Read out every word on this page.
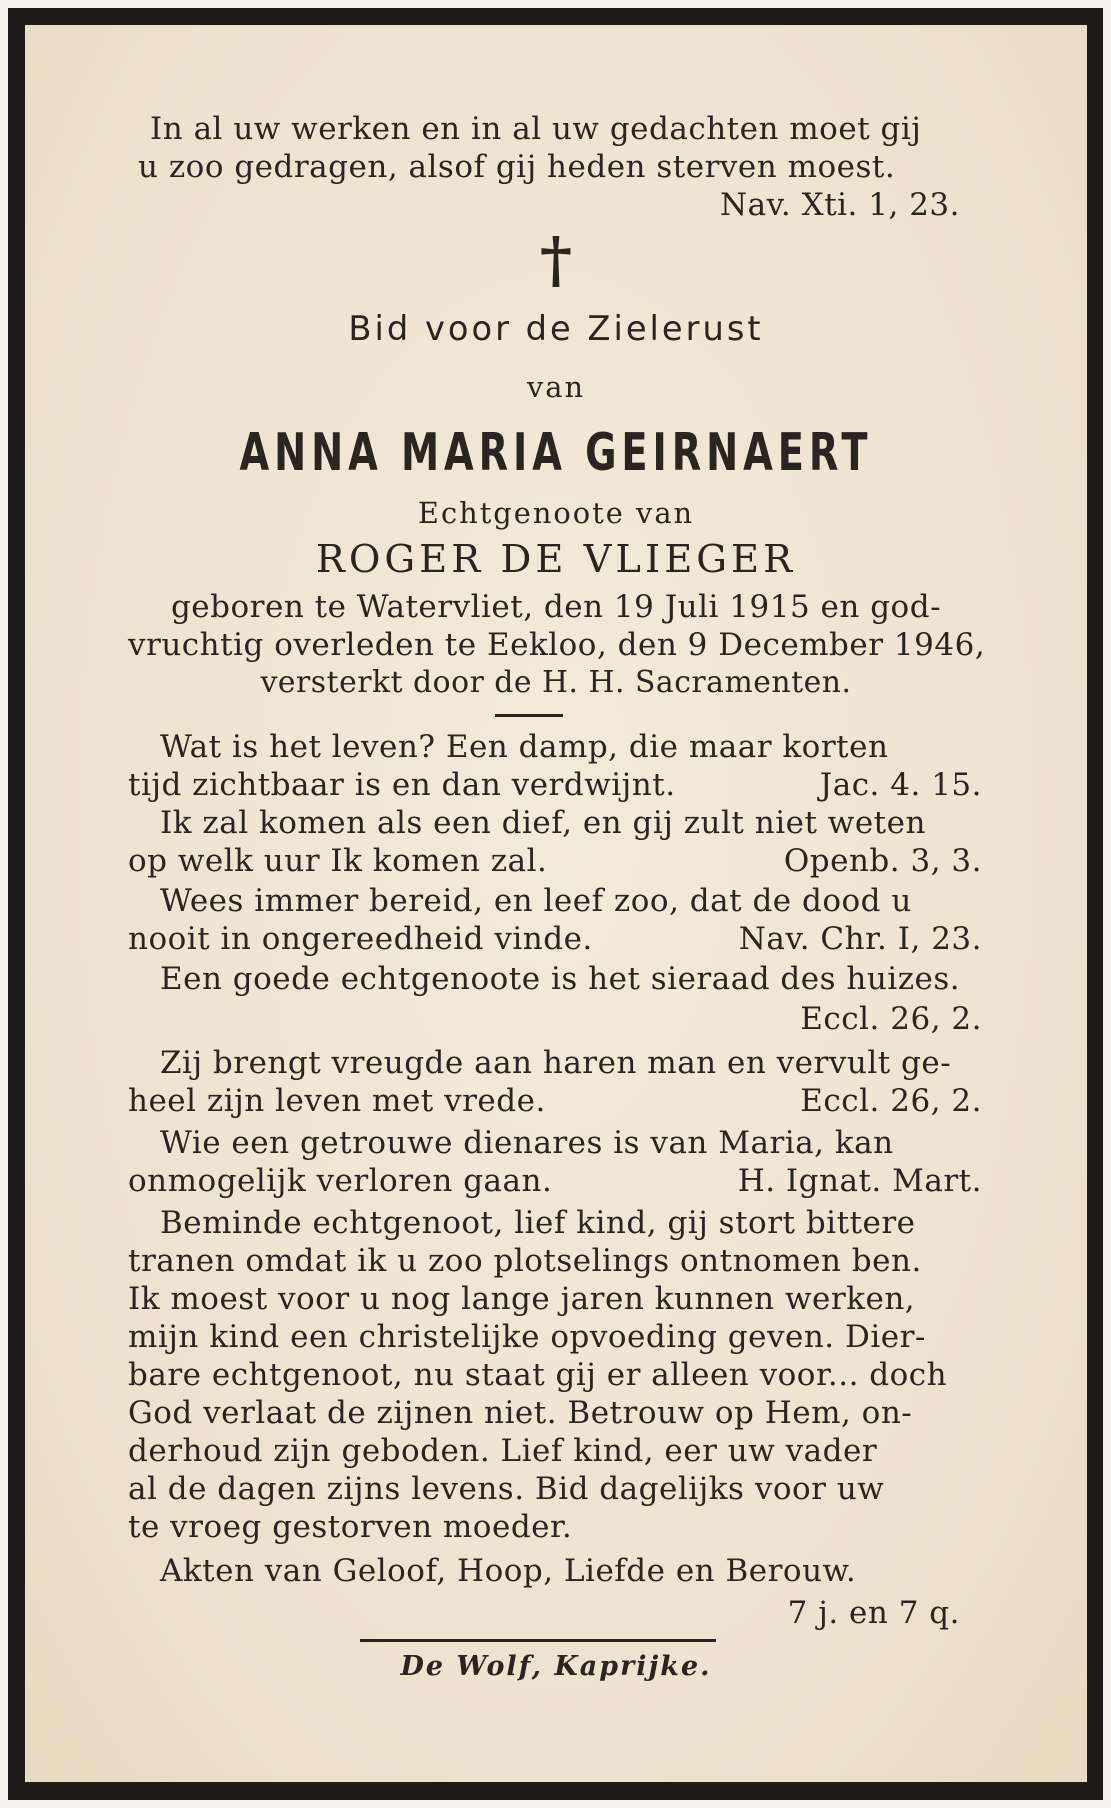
In al uw werken en in al uw gedachten moet gij
u zoo gedragen, alsof gij heden sterven moest.
Nav. Xti. 1, 23.
†
Bid voor de Zielerust
van
ANNA MARIA GEIRNAERT
Echtgenoote van
ROGER DE VLIEGER
geboren te Watervliet, den 19 Juli 1915 en god-
vruchtig overleden te Eekloo, den 9 December 1946,
versterkt door de H. H. Sacramenten.
Wat is het leven? Een damp, die maar korten
tijd zichtbaar is en dan verdwijnt.	Jac. 4. 15.
Ik zal komen als een dief, en gij zult niet weten
op welk uur Ik komen zal.	Openb. 3, 3.
Wees immer bereid, en leef zoo, dat de dood u
nooit in ongereedheid vinde.	Nav. Chr. I, 23.
Een goede echtgenoote is het sieraad des huizes.
Eccl. 26, 2.
Zij brengt vreugde aan haren man en vervult ge-
heel zijn leven met vrede.	Eccl. 26, 2.
Wie een getrouwe dienares is van Maria, kan
onmogelijk verloren gaan.	H. Ignat. Mart.
Beminde echtgenoot, lief kind, gij stort bittere
tranen omdat ik u zoo plotselings ontnomen ben.
Ik moest voor u nog lange jaren kunnen werken,
mijn kind een christelijke opvoeding geven. Dier-
bare echtgenoot, nu staat gij er alleen voor... doch
God verlaat de zijnen niet. Betrouw op Hem, on-
derhoud zijn geboden. Lief kind, eer uw vader
al de dagen zijns levens. Bid dagelijks voor uw
te vroeg gestorven moeder.
Akten van Geloof, Hoop, Liefde en Berouw.
7 j. en 7 q.
De Wolf, Kaprijke.
